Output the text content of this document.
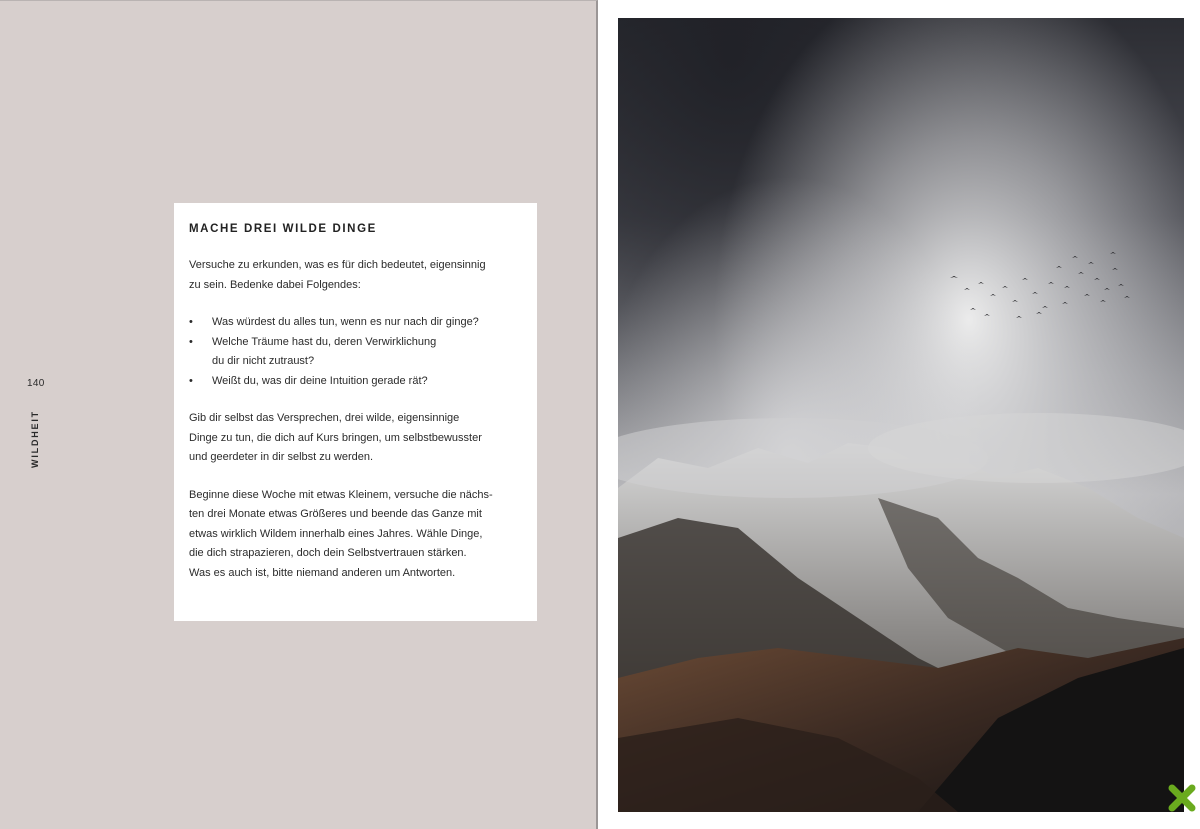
140
WILDHEIT
MACHE DREI WILDE DINGE

Versuche zu erkunden, was es für dich bedeutet, eigensinnig
zu sein. Bedenke dabei Folgendes:

• Was würdest du alles tun, wenn es nur nach dir ginge?
• Welche Träume hast du, deren Verwirklichung
du dir nicht zutraust?
• Weißt du, was dir deine Intuition gerade rät?

Gib dir selbst das Versprechen, drei wilde, eigensinnige
Dinge zu tun, die dich auf Kurs bringen, um selbstbewusster
und geerdeter in dir selbst zu werden.

Beginne diese Woche mit etwas Kleinem, versuche die nächs-
ten drei Monate etwas Größeres und beende das Ganze mit
etwas wirklich Wildem innerhalb eines Jahres. Wähle Dinge,
die dich strapazieren, doch dein Selbstvertrauen stärken.
Was es auch ist, bitte niemand anderen um Antworten.
